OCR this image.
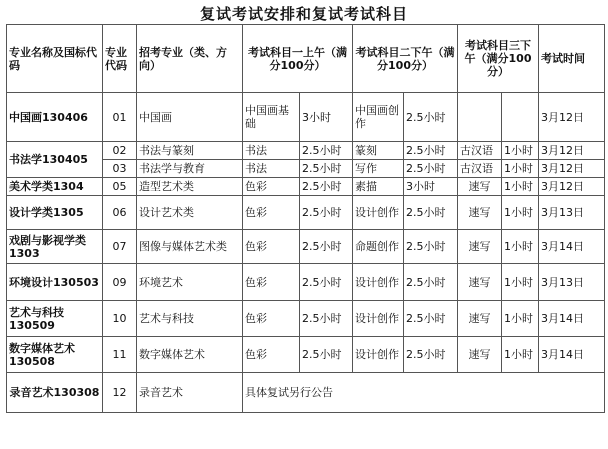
复试考试安排和复试考试科目
专业名称及国标代码	专业代码	招考专业（类、方向）	考试科目一上午（满分100分）		考试科目二下午（满分100分）		考试科目三下午（满分100分）		考试时间
中国画130406	01	中国画	中国画基础	3小时	中国画创作	2.5小时			3月12日
书法学130405	02	书法与篆刻	书法	2.5小时	篆刻	2.5小时	古汉语	1小时	3月12日
	03	书法学与教育	书法	2.5小时	写作	2.5小时	古汉语	1小时	3月12日
美术学类1304	05	造型艺术类	色彩	2.5小时	素描	3小时	速写	1小时	3月12日
设计学类1305	06	设计艺术类	色彩	2.5小时	设计创作	2.5小时	速写	1小时	3月13日
戏剧与影视学类1303	07	图像与媒体艺术类	色彩	2.5小时	命题创作	2.5小时	速写	1小时	3月14日
环境设计130503	09	环境艺术	色彩	2.5小时	设计创作	2.5小时	速写	1小时	3月13日
艺术与科技130509	10	艺术与科技	色彩	2.5小时	设计创作	2.5小时	速写	1小时	3月14日
数字媒体艺术130508	11	数字媒体艺术	色彩	2.5小时	设计创作	2.5小时	速写	1小时	3月14日
录音艺术130308	12	录音艺术	具体复试另行公告						
